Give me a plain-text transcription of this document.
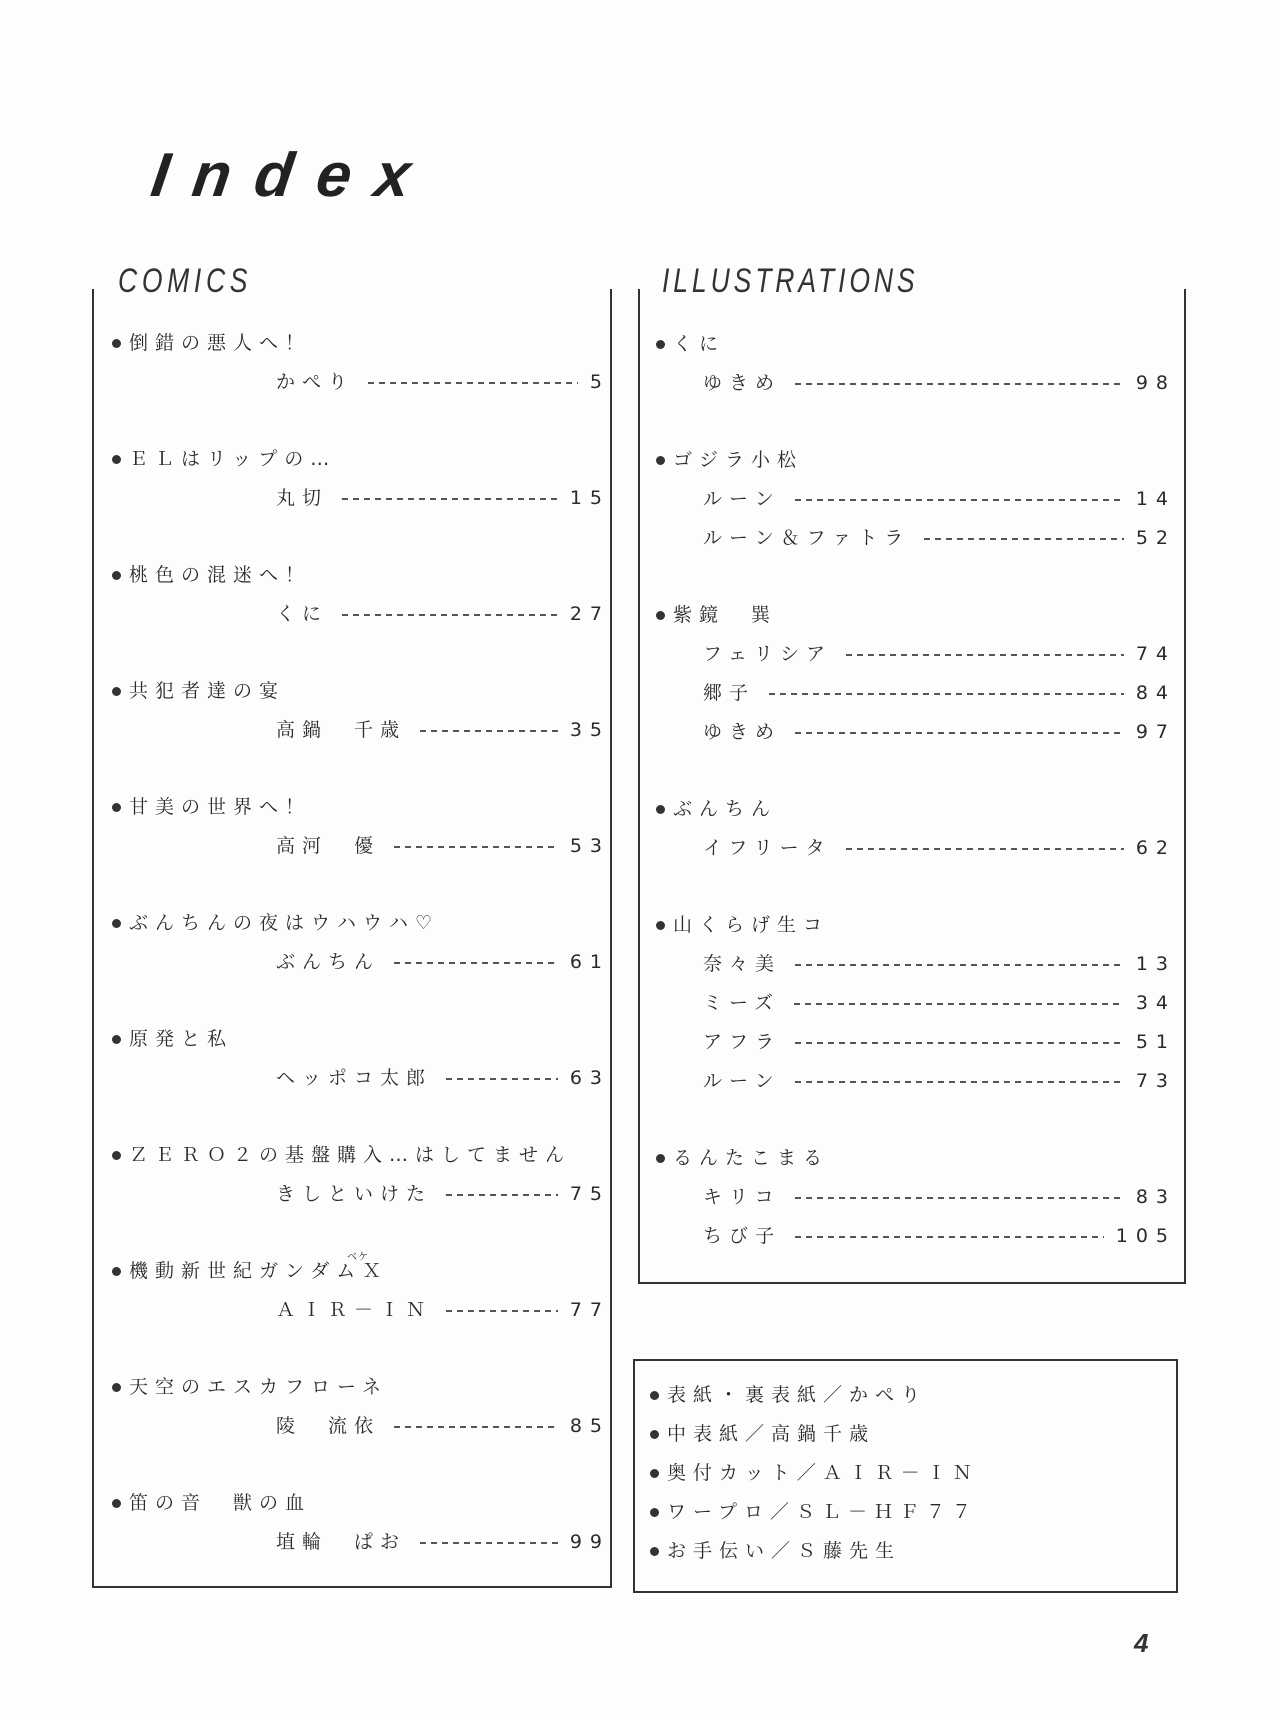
Index
COMICS
倒錯の悪人へ！
かぺり	5
ＥＬはリップの…
丸切	15
桃色の混迷へ！
くに	27
共犯者達の宴
高鍋　千歳	35
甘美の世界へ！
高河　優	53
ぶんちんの夜はウハウハ♡
ぶんちん	61
原発と私
ヘッポコ太郎	63
ＺＥＲＯ２の基盤購入…はしてません
きしといけた	75
機動新世紀ガンダムＸ
ベケ
ＡＩＲ－ＩＮ	77
天空のエスカフローネ
陵　流依	85
笛の音　獣の血
埴輪　ぱお	99
ILLUSTRATIONS
くに
ゆきめ	98
ゴジラ小松
ルーン	14
ルーン＆ファトラ	52
紫鏡　巽
フェリシア	74
郷子	84
ゆきめ	97
ぶんちん
イフリータ	62
山くらげ生コ
奈々美	13
ミーズ	34
アフラ	51
ルーン	73
るんたこまる
キリコ	83
ちび子	105
表紙・裏表紙／かぺり
中表紙／高鍋千歳
奥付カット／ＡＩＲ－ＩＮ
ワープロ／ＳＬ－ＨＦ７７
お手伝い／Ｓ藤先生
4
